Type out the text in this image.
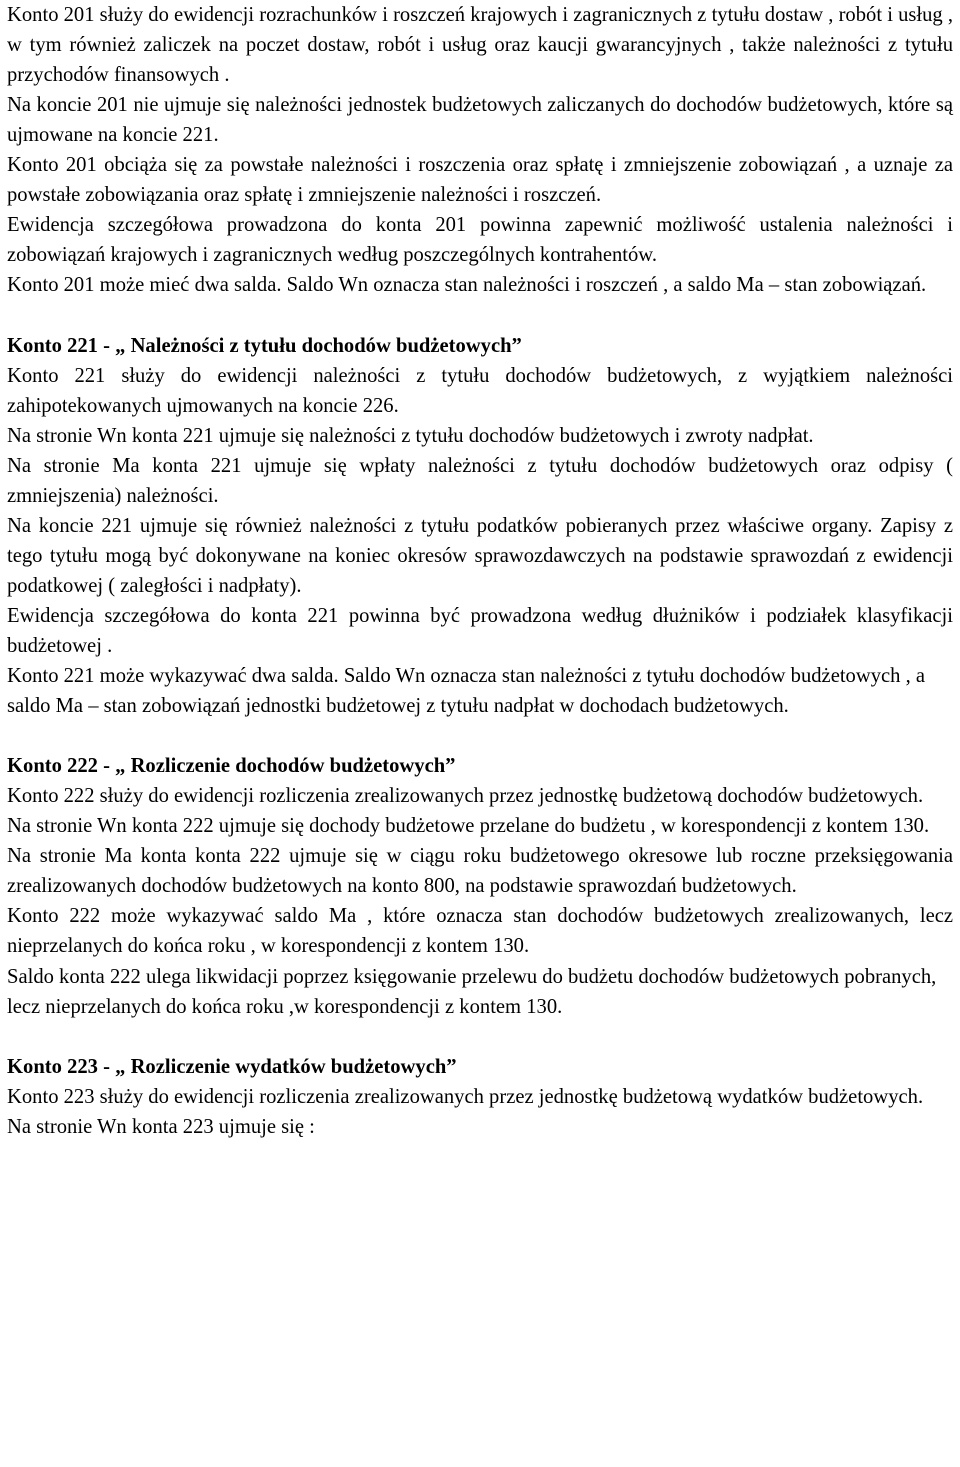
Konto 201 służy do ewidencji rozrachunków i roszczeń krajowych i zagranicznych z tytułu dostaw , robót i usług , w tym również zaliczek na poczet dostaw, robót i usług oraz kaucji gwarancyjnych , także należności z tytułu przychodów finansowych .

Na koncie 201 nie ujmuje się należności jednostek budżetowych zaliczanych do dochodów budżetowych, które są ujmowane na koncie 221.

Konto 201 obciąża się za powstałe należności i roszczenia oraz spłatę i zmniejszenie zobowiązań , a uznaje za powstałe zobowiązania oraz spłatę i zmniejszenie należności i roszczeń.

Ewidencja szczegółowa prowadzona do konta 201 powinna zapewnić możliwość ustalenia należności i zobowiązań krajowych i zagranicznych według poszczególnych kontrahentów.

Konto 201 może mieć dwa salda. Saldo Wn oznacza stan należności i roszczeń , a saldo Ma – stan zobowiązań.

Konto 221 - „ Należności z tytułu dochodów budżetowych”

Konto 221 służy do ewidencji należności z tytułu dochodów budżetowych, z wyjątkiem należności zahipotekowanych ujmowanych na koncie 226.

Na stronie Wn konta 221 ujmuje się należności z tytułu dochodów budżetowych i zwroty nadpłat.

Na stronie Ma konta 221 ujmuje się wpłaty należności z tytułu dochodów budżetowych oraz odpisy ( zmniejszenia) należności.

Na koncie 221 ujmuje się również należności z tytułu podatków pobieranych przez właściwe organy. Zapisy z tego tytułu mogą być dokonywane na koniec okresów sprawozdawczych na podstawie sprawozdań z ewidencji podatkowej ( zaległości i nadpłaty).

Ewidencja szczegółowa do konta 221 powinna być prowadzona według dłużników i podziałek klasyfikacji budżetowej .

Konto 221 może wykazywać dwa salda. Saldo Wn oznacza stan należności z tytułu dochodów budżetowych , a saldo Ma – stan zobowiązań jednostki budżetowej z tytułu nadpłat w dochodach budżetowych.

Konto 222 - „ Rozliczenie dochodów budżetowych”

Konto 222 służy do ewidencji rozliczenia zrealizowanych przez jednostkę budżetową dochodów budżetowych.

Na stronie Wn konta 222 ujmuje się dochody budżetowe przelane do budżetu , w korespondencji z kontem 130.

Na stronie Ma konta konta 222 ujmuje się w ciągu roku budżetowego okresowe lub roczne przeksięgowania zrealizowanych dochodów budżetowych na konto 800, na podstawie sprawozdań budżetowych.

Konto 222 może wykazywać saldo Ma , które oznacza stan dochodów budżetowych zrealizowanych, lecz nieprzelanych do końca roku , w korespondencji z kontem 130.

Saldo konta 222 ulega likwidacji poprzez księgowanie przelewu do budżetu dochodów budżetowych pobranych, lecz nieprzelanych do końca roku ,w korespondencji z kontem 130.

Konto 223 - „ Rozliczenie wydatków budżetowych”

Konto 223 służy do ewidencji rozliczenia zrealizowanych przez jednostkę budżetową wydatków budżetowych.

Na stronie Wn konta 223 ujmuje się :
